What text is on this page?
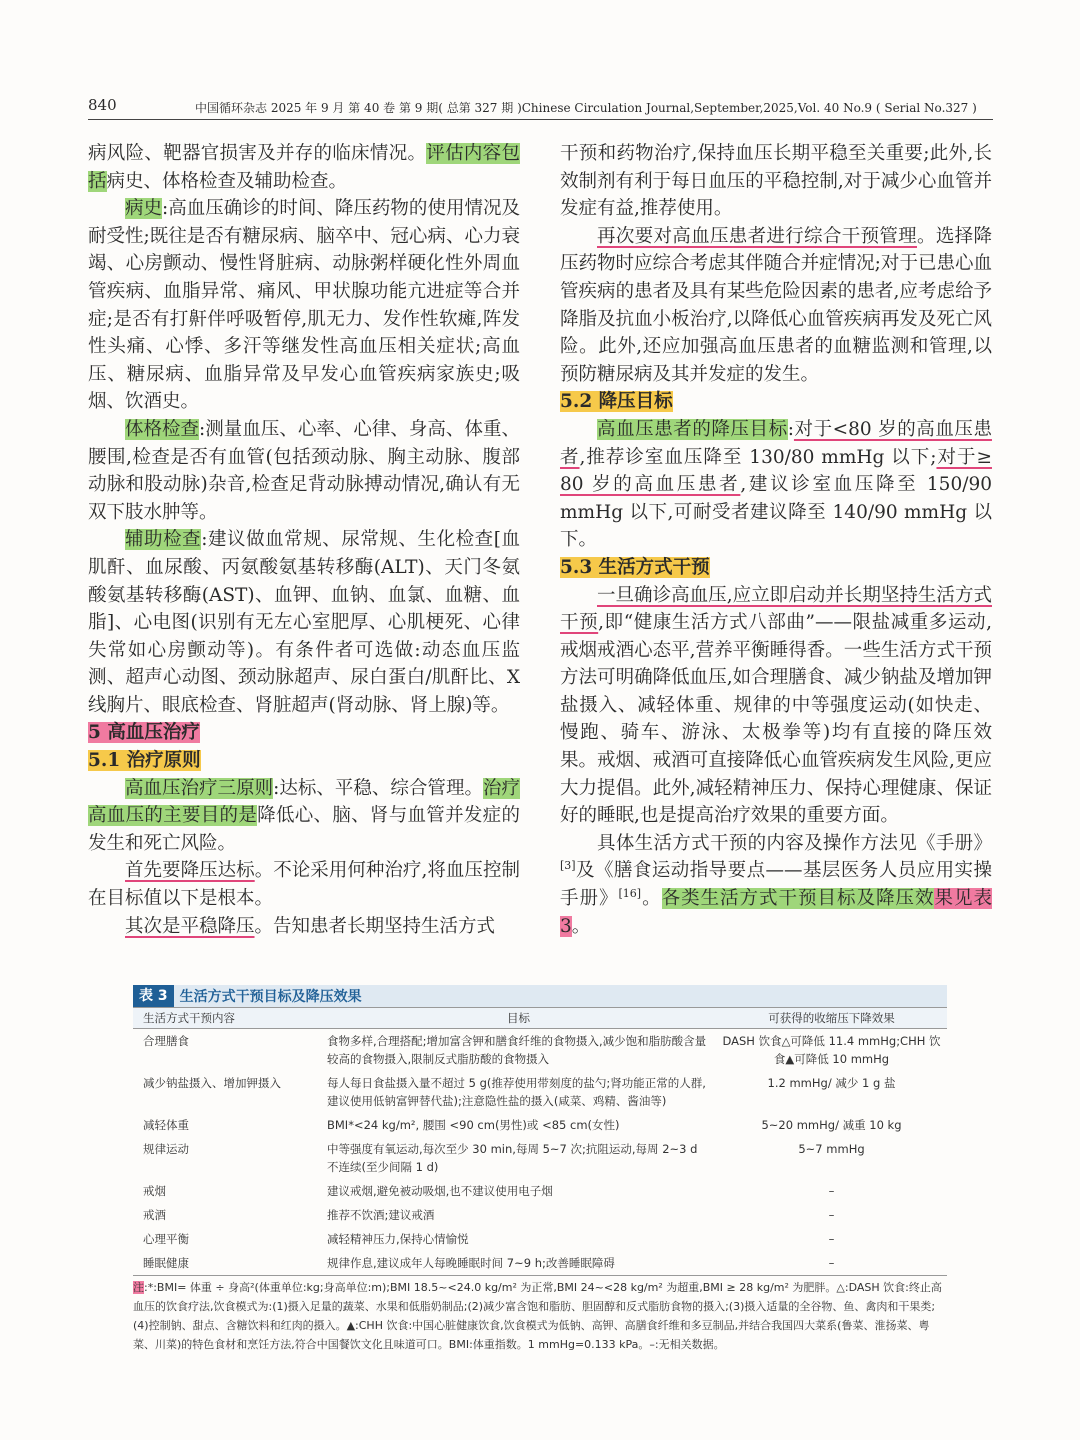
840	中国循环杂志 2025 年 9 月 第 40 卷 第 9 期( 总第 327 期 )Chinese Circulation Journal,September,2025,Vol. 40 No.9 ( Serial No.327 )

病风险、靶器官损害及并存的临床情况。评估内容包括病史、体格检查及辅助检查。

病史:高血压确诊的时间、降压药物的使用情况及耐受性;既往是否有糖尿病、脑卒中、冠心病、心力衰竭、心房颤动、慢性肾脏病、动脉粥样硬化性外周血管疾病、血脂异常、痛风、甲状腺功能亢进症等合并症;是否有打鼾伴呼吸暂停,肌无力、发作性软瘫,阵发性头痛、心悸、多汗等继发性高血压相关症状;高血压、糖尿病、血脂异常及早发心血管疾病家族史;吸烟、饮酒史。

体格检查:测量血压、心率、心律、身高、体重、腰围,检查是否有血管(包括颈动脉、胸主动脉、腹部动脉和股动脉)杂音,检查足背动脉搏动情况,确认有无双下肢水肿等。

辅助检查:建议做血常规、尿常规、生化检查[血肌酐、血尿酸、丙氨酸氨基转移酶(ALT)、天门冬氨酸氨基转移酶(AST)、血钾、血钠、血氯、血糖、血脂]、心电图(识别有无左心室肥厚、心肌梗死、心律失常如心房颤动等)。有条件者可选做:动态血压监测、超声心动图、颈动脉超声、尿白蛋白/肌酐比、X线胸片、眼底检查、肾脏超声(肾动脉、肾上腺)等。

5 高血压治疗

5.1 治疗原则

高血压治疗三原则:达标、平稳、综合管理。治疗高血压的主要目的是降低心、脑、肾与血管并发症的发生和死亡风险。

首先要降压达标。不论采用何种治疗,将血压控制在目标值以下是根本。

其次是平稳降压。告知患者长期坚持生活方式

干预和药物治疗,保持血压长期平稳至关重要;此外,长效制剂有利于每日血压的平稳控制,对于减少心血管并发症有益,推荐使用。

再次要对高血压患者进行综合干预管理。选择降压药物时应综合考虑其伴随合并症情况;对于已患心血管疾病的患者及具有某些危险因素的患者,应考虑给予降脂及抗血小板治疗,以降低心血管疾病再发及死亡风险。此外,还应加强高血压患者的血糖监测和管理,以预防糖尿病及其并发症的发生。

5.2 降压目标

高血压患者的降压目标:对于<80 岁的高血压患者,推荐诊室血压降至 130/80 mmHg 以下;对于≥ 80 岁的高血压患者,建议诊室血压降至 150/90 mmHg 以下,可耐受者建议降至 140/90 mmHg 以下。

5.3 生活方式干预

一旦确诊高血压,应立即启动并长期坚持生活方式干预,即“健康生活方式八部曲”——限盐减重多运动,戒烟戒酒心态平,营养平衡睡得香。一些生活方式干预方法可明确降低血压,如合理膳食、减少钠盐及增加钾盐摄入、减轻体重、规律的中等强度运动(如快走、慢跑、骑车、游泳、太极拳等)均有直接的降压效果。戒烟、戒酒可直接降低心血管疾病发生风险,更应大力提倡。此外,减轻精神压力、保持心理健康、保证好的睡眠,也是提高治疗效果的重要方面。

具体生活方式干预的内容及操作方法见《手册》[3]及《膳食运动指导要点——基层医务人员应用实操手册》[16]。各类生活方式干预目标及降压效果见表 3。

表 3 生活方式干预目标及降压效果
生活方式干预内容	目标	可获得的收缩压下降效果
合理膳食	食物多样,合理搭配;增加富含钾和膳食纤维的食物摄入,减少饱和脂肪酸含量较高的食物摄入,限制反式脂肪酸的食物摄入	DASH 饮食△可降低 11.4 mmHg;CHH 饮食▲可降低 10 mmHg
减少钠盐摄入、增加钾摄入	每人每日食盐摄入量不超过 5 g(推荐使用带刻度的盐勺;肾功能正常的人群,建议使用低钠富钾替代盐);注意隐性盐的摄入(咸菜、鸡精、酱油等)	1.2 mmHg/ 减少 1 g 盐
减轻体重	BMI*<24 kg/m², 腰围 <90 cm(男性)或 <85 cm(女性)	5~20 mmHg/ 减重 10 kg
规律运动	中等强度有氧运动,每次至少 30 min,每周 5~7 次;抗阻运动,每周 2~3 d 不连续(至少间隔 1 d)	5~7 mmHg
戒烟	建议戒烟,避免被动吸烟,也不建议使用电子烟	–
戒酒	推荐不饮酒;建议戒酒	–
心理平衡	减轻精神压力,保持心情愉悦	–
睡眠健康	规律作息,建议成年人每晚睡眠时间 7~9 h;改善睡眠障碍	–
注:*:BMI= 体重 ÷ 身高²(体重单位:kg;身高单位:m);BMI 18.5~<24.0 kg/m² 为正常,BMI 24~<28 kg/m² 为超重,BMI ≥ 28 kg/m² 为肥胖。△:DASH 饮食:终止高血压的饮食疗法,饮食模式为:(1)摄入足量的蔬菜、水果和低脂奶制品;(2)减少富含饱和脂肪、胆固醇和反式脂肪食物的摄入;(3)摄入适量的全谷物、鱼、禽肉和干果类;(4)控制钠、甜点、含糖饮料和红肉的摄入。▲:CHH 饮食:中国心脏健康饮食,饮食模式为低钠、高钾、高膳食纤维和多豆制品,并结合我国四大菜系(鲁菜、淮扬菜、粤菜、川菜)的特色食材和烹饪方法,符合中国餐饮文化且味道可口。BMI:体重指数。1 mmHg=0.133 kPa。–:无相关数据。
